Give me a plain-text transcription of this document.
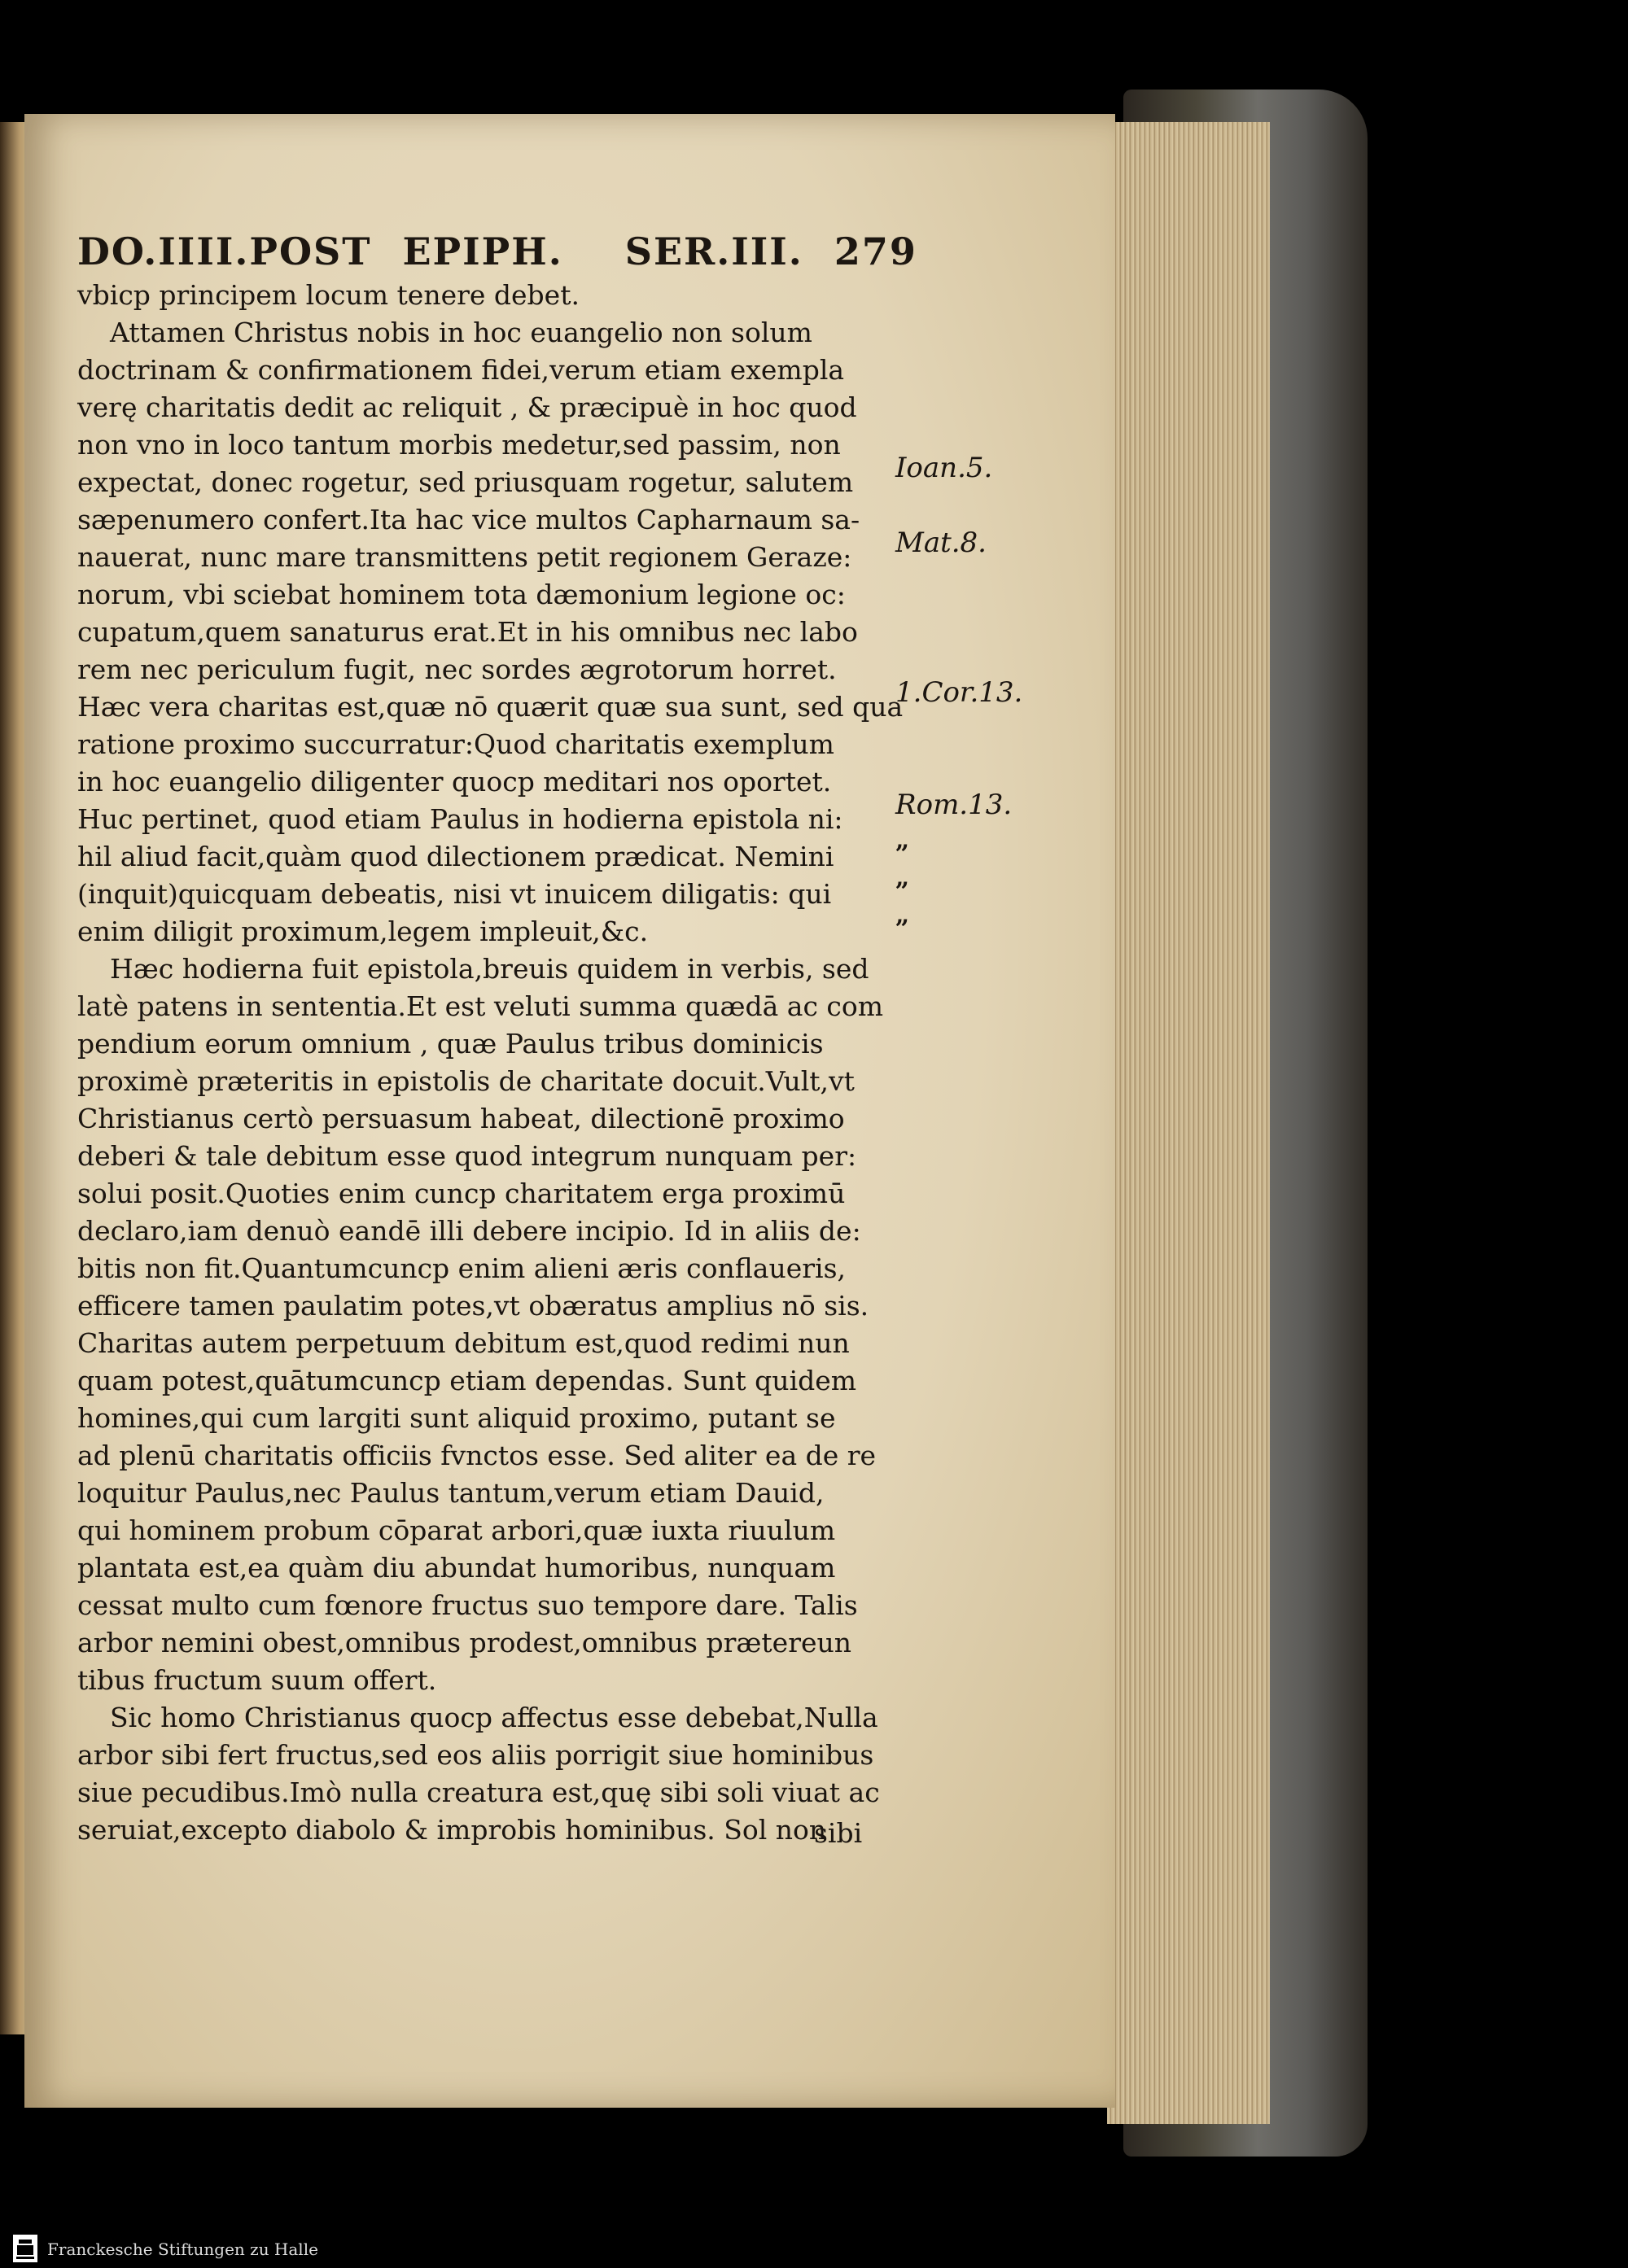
DO.IIII.POST EPIPH. SER.III. 279
vbicp principem locum tenere debet.
Attamen Christus nobis in hoc euangelio non solum
doctrinam & confirmationem fidei,verum etiam exempla
verę charitatis dedit ac reliquit , & præcipuè in hoc quod
non vno in loco tantum morbis medetur,sed passim, non
expectat, donec rogetur, sed priusquam rogetur, salutem
sæpenumero confert.Ita hac vice multos Capharnaum sa-
nauerat, nunc mare transmittens petit regionem Geraze:
norum, vbi sciebat hominem tota dæmonium legione oc:
cupatum,quem sanaturus erat.Et in his omnibus nec labo
rem nec periculum fugit, nec sordes ægrotorum horret.
Hæc vera charitas est,quæ nō quærit quæ sua sunt, sed qua
ratione proximo succurratur:Quod charitatis exemplum
in hoc euangelio diligenter quocp meditari nos oportet.
Huc pertinet, quod etiam Paulus in hodierna epistola ni:
hil aliud facit,quàm quod dilectionem prædicat. Nemini
(inquit)quicquam debeatis, nisi vt inuicem diligatis: qui
enim diligit proximum,legem impleuit,&c.
Hæc hodierna fuit epistola,breuis quidem in verbis, sed
latè patens in sententia.Et est veluti summa quædā ac com
pendium eorum omnium , quæ Paulus tribus dominicis
proximè præteritis in epistolis de charitate docuit.Vult,vt
Christianus certò persuasum habeat, dilectionē proximo
deberi & tale debitum esse quod integrum nunquam per:
solui posit.Quoties enim cuncp charitatem erga proximū
declaro,iam denuò eandē illi debere incipio. Id in aliis de:
bitis non fit.Quantumcuncp enim alieni æris conflaueris,
efficere tamen paulatim potes,vt obæratus amplius nō sis.
Charitas autem perpetuum debitum est,quod redimi nun
quam potest,quātumcuncp etiam dependas. Sunt quidem
homines,qui cum largiti sunt aliquid proximo, putant se
ad plenū charitatis officiis fvnctos esse. Sed aliter ea de re
loquitur Paulus,nec Paulus tantum,verum etiam Dauid,
qui hominem probum cōparat arbori,quæ iuxta riuulum
plantata est,ea quàm diu abundat humoribus, nunquam
cessat multo cum fœnore fructus suo tempore dare. Talis
arbor nemini obest,omnibus prodest,omnibus prætereun
tibus fructum suum offert.
Sic homo Christianus quocp affectus esse debebat,Nulla
arbor sibi fert fructus,sed eos aliis porrigit siue hominibus
siue pecudibus.Imò nulla creatura est,quę sibi soli viuat ac
seruiat,excepto diabolo & improbis hominibus. Sol non
sibi
Ioan.5.
Mat.8.
1.Cor.13.
Rom.13.
„
„
„
Franckesche Stiftungen zu Halle
